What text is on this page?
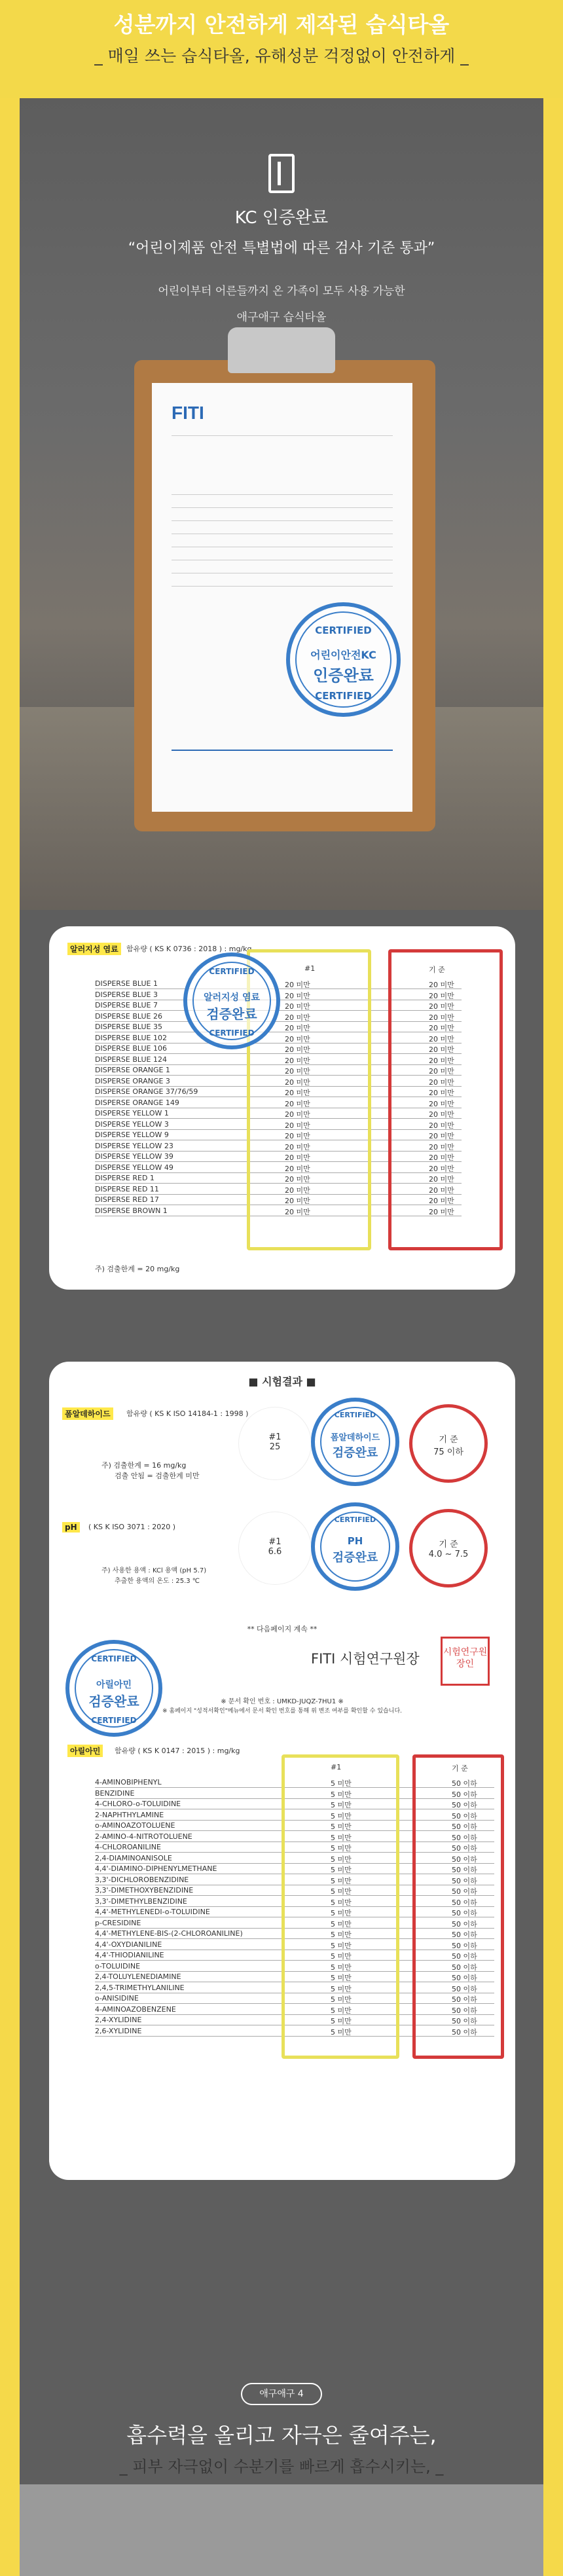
성분까지 안전하게 제작된 습식타올
_ 매일 쓰는 습식타올, 유해성분 걱정없이 안전하게 _
KC 인증완료
“어린이제품 안전 특별법에 따른 검사 기준 통과”
어린이부터 어른들까지 온 가족이 모두 사용 가능한
애구애구 습식타올
FITI
CERTIFIED
어린이안전KC
인증완료
CERTIFIED
알러지성 염료	함유량 ( KS K 0736 : 2018 ) : mg/kg
#1	기 준
DISPERSE BLUE 1	20 미만	20 미만
DISPERSE BLUE 3	20 미만	20 미만
DISPERSE BLUE 7	20 미만	20 미만
DISPERSE BLUE 26	20 미만	20 미만
DISPERSE BLUE 35	20 미만	20 미만
DISPERSE BLUE 102	20 미만	20 미만
DISPERSE BLUE 106	20 미만	20 미만
DISPERSE BLUE 124	20 미만	20 미만
DISPERSE ORANGE 1	20 미만	20 미만
DISPERSE ORANGE 3	20 미만	20 미만
DISPERSE ORANGE 37/76/59	20 미만	20 미만
DISPERSE ORANGE 149	20 미만	20 미만
DISPERSE YELLOW 1	20 미만	20 미만
DISPERSE YELLOW 3	20 미만	20 미만
DISPERSE YELLOW 9	20 미만	20 미만
DISPERSE YELLOW 23	20 미만	20 미만
DISPERSE YELLOW 39	20 미만	20 미만
DISPERSE YELLOW 49	20 미만	20 미만
DISPERSE RED 1	20 미만	20 미만
DISPERSE RED 11	20 미만	20 미만
DISPERSE RED 17	20 미만	20 미만
DISPERSE BROWN 1	20 미만	20 미만
주) 검출한계 = 20 mg/kg
CERTIFIED
알러지성 염료
검증완료
CERTIFIED
■ 시험결과 ■
폼알데하이드	함유량 ( KS K ISO 14184-1 : 1998 )
#1
25
기 준
75 이하
CERTIFIED
폼알데하이드
검증완료
주) 검출한계 = 16 mg/kg
검출 안됨 = 검출한계 미만
pH	( KS K ISO 3071 : 2020 )
#1
6.6
기 준
4.0 ~ 7.5
CERTIFIED
PH
검증완료
주) 사용한 용액 : KCl 용액 (pH 5.7)
추출한 용액의 온도 : 25.3 ℃
** 다음페이지 계속 **
FITI 시험연구원장	시험연구원장인
※ 문서 확인 번호 : UMKD-JUQZ-7HU1 ※
※ 홈페이지 "성적서확인"메뉴에서 문서 확인 번호를 통해 위 변조 여부를 확인할 수 있습니다.
CERTIFIED
아릴아민
검증완료
CERTIFIED
아릴아민	함유량 ( KS K 0147 : 2015 ) : mg/kg
#1	기 준
4-AMINOBIPHENYL	5 미만	50 이하
BENZIDINE	5 미만	50 이하
4-CHLORO-o-TOLUIDINE	5 미만	50 이하
2-NAPHTHYLAMINE	5 미만	50 이하
o-AMINOAZOTOLUENE	5 미만	50 이하
2-AMINO-4-NITROTOLUENE	5 미만	50 이하
4-CHLOROANILINE	5 미만	50 이하
2,4-DIAMINOANISOLE	5 미만	50 이하
4,4'-DIAMINO-DIPHENYLMETHANE	5 미만	50 이하
3,3'-DICHLOROBENZIDINE	5 미만	50 이하
3,3'-DIMETHOXYBENZIDINE	5 미만	50 이하
3,3'-DIMETHYLBENZIDINE	5 미만	50 이하
4,4'-METHYLENEDI-o-TOLUIDINE	5 미만	50 이하
p-CRESIDINE	5 미만	50 이하
4,4'-METHYLENE-BIS-(2-CHLOROANILINE)	5 미만	50 이하
4,4'-OXYDIANILINE	5 미만	50 이하
4,4'-THIODIANILINE	5 미만	50 이하
o-TOLUIDINE	5 미만	50 이하
2,4-TOLUYLENEDIAMINE	5 미만	50 이하
2,4,5-TRIMETHYLANILINE	5 미만	50 이하
o-ANISIDINE	5 미만	50 이하
4-AMINOAZOBENZENE	5 미만	50 이하
2,4-XYLIDINE	5 미만	50 이하
2,6-XYLIDINE	5 미만	50 이하
애구애구 4
흡수력을 올리고 자극은 줄여주는,
_ 피부 자극없이 수분기를 빠르게 흡수시키는, _
